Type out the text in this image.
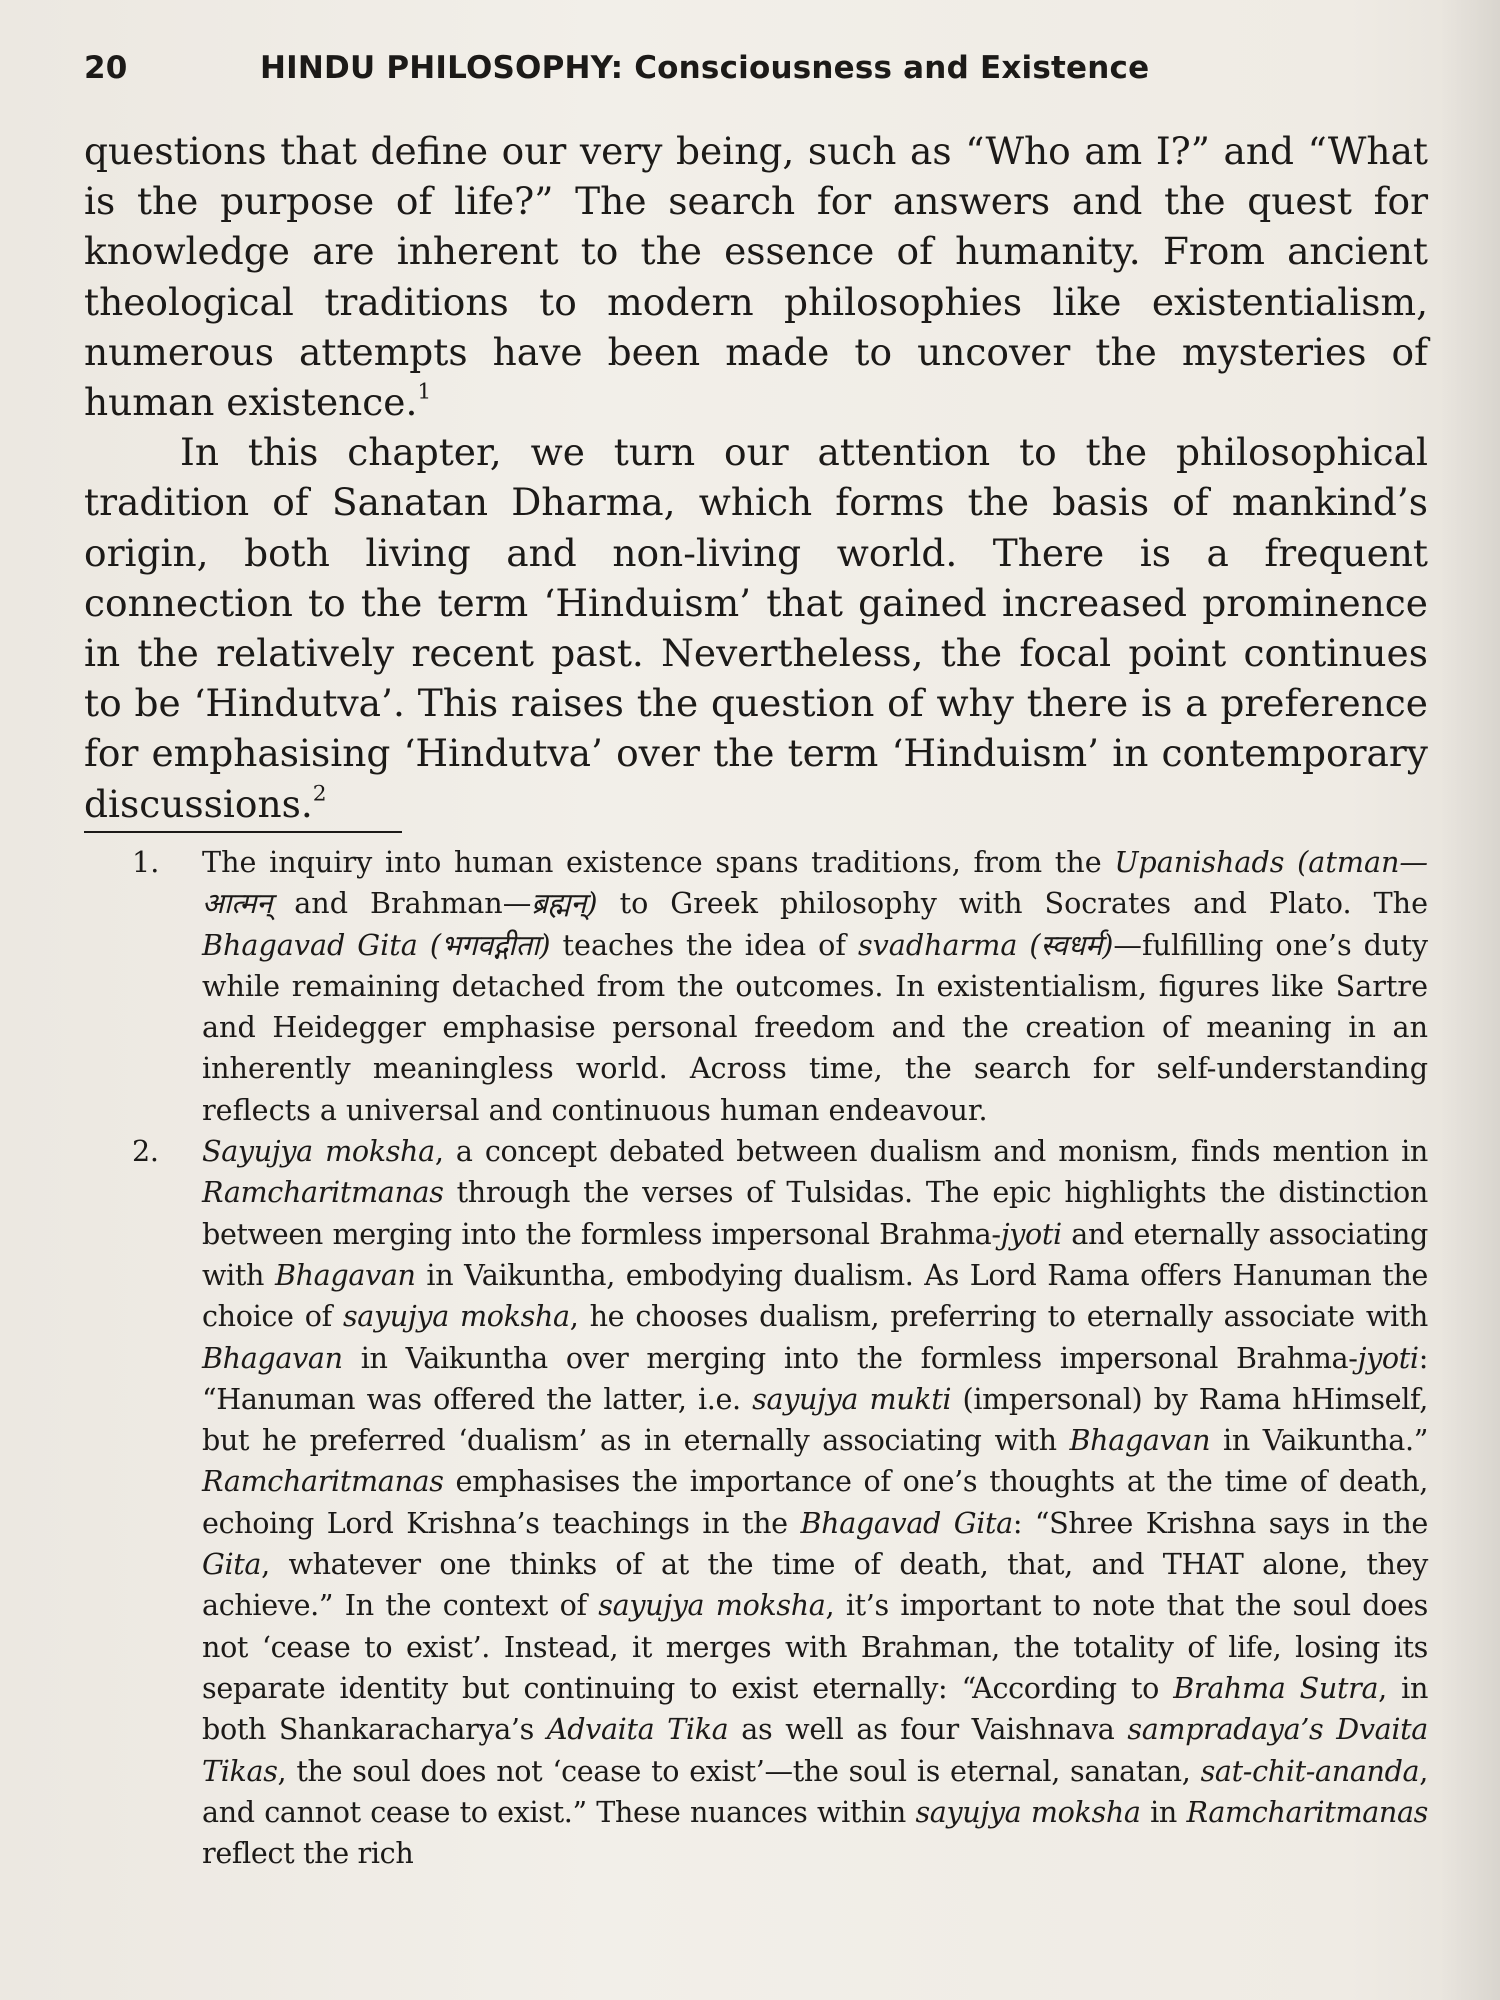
20	HINDU PHILOSOPHY: Consciousness and Existence

questions that define our very being, such as “Who am I?” and “What is the purpose of life?” The search for answers and the quest for knowledge are inherent to the essence of humanity. From ancient theological traditions to modern philosophies like existentialism, numerous attempts have been made to uncover the mysteries of human existence.$^1$

In this chapter, we turn our attention to the philosophical tradition of Sanatan Dharma, which forms the basis of mankind’s origin, both living and non-living world. There is a frequent connection to the term ‘Hinduism’ that gained increased prominence in the relatively recent past. Nevertheless, the focal point continues to be ‘Hindutva’. This raises the question of why there is a preference for emphasising ‘Hindutva’ over the term ‘Hinduism’ in contemporary discussions.$^2$

1. The inquiry into human existence spans traditions, from the Upanishads (atman—आत्मन् and Brahman—ब्रह्मन्) to Greek philosophy with Socrates and Plato. The Bhagavad Gita (भगवद्गीता) teaches the idea of svadharma (स्वधर्म)—fulfilling one’s duty while remaining detached from the outcomes. In existentialism, figures like Sartre and Heidegger emphasise personal freedom and the creation of meaning in an inherently meaningless world. Across time, the search for self-understanding reflects a universal and continuous human endeavour.

2. Sayujya moksha, a concept debated between dualism and monism, finds mention in Ramcharitmanas through the verses of Tulsidas. The epic highlights the distinction between merging into the formless impersonal Brahma-jyoti and eternally associating with Bhagavan in Vaikuntha, embodying dualism. As Lord Rama offers Hanuman the choice of sayujya moksha, he chooses dualism, preferring to eternally associate with Bhagavan in Vaikuntha over merging into the formless impersonal Brahma-jyoti: “Hanuman was offered the latter, i.e. sayujya mukti (impersonal) by Rama hHimself, but he preferred ‘dualism’ as in eternally associating with Bhagavan in Vaikuntha.” Ramcharitmanas emphasises the importance of one’s thoughts at the time of death, echoing Lord Krishna’s teachings in the Bhagavad Gita: “Shree Krishna says in the Gita, whatever one thinks of at the time of death, that, and THAT alone, they achieve.” In the context of sayujya moksha, it’s important to note that the soul does not ‘cease to exist’. Instead, it merges with Brahman, the totality of life, losing its separate identity but continuing to exist eternally: “According to Brahma Sutra, in both Shankaracharya’s Advaita Tika as well as four Vaishnava sampradaya’s Dvaita Tikas, the soul does not ‘cease to exist’—the soul is eternal, sanatan, sat-chit-ananda, and cannot cease to exist.” These nuances within sayujya moksha in Ramcharitmanas reflect the rich
